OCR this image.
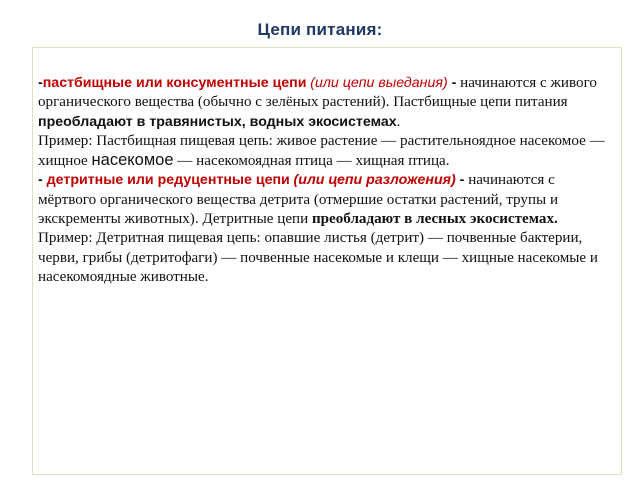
Цепи питания:

-пастбищные или консументные цепи (или цепи выедания) - начинаются с живого органического вещества (обычно с зелёных растений). Пастбищные цепи питания преобладают в травянистых, водных экосистемах.

Пример: Пастбищная пищевая цепь: живое растение — растительноядное насекомое — хищное насекомое — насекомоядная птица — хищная птица.

- детритные или редуцентные цепи (или цепи разложения) - начинаются с мёртвого органического вещества детрита (отмершие остатки растений, трупы и экскременты животных). Детритные цепи преобладают в лесных экосистемах.

Пример: Детритная пищевая цепь: опавшие листья (детрит) — почвенные бактерии, черви, грибы (детритофаги) — почвенные насекомые и клещи — хищные насекомые и насекомоядные животные.
